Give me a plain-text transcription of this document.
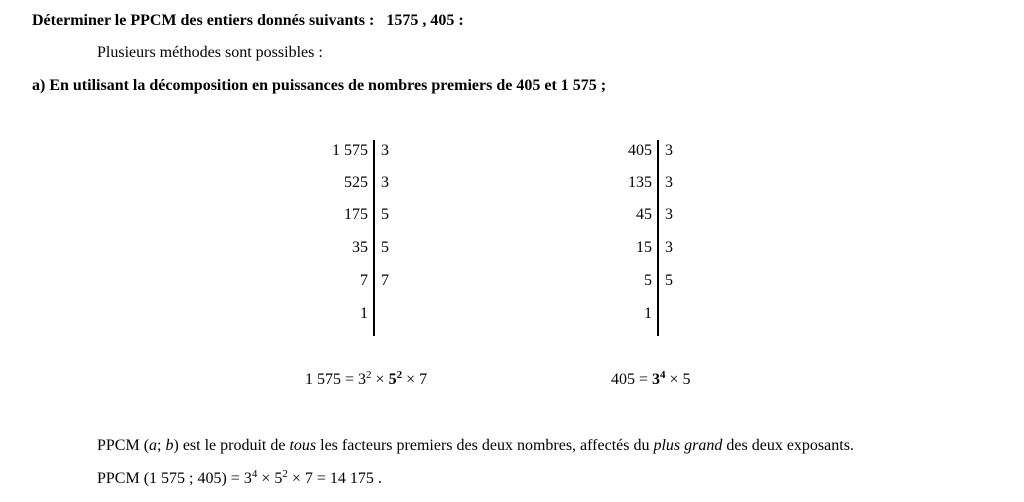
Déterminer le PPCM des entiers donnés suivants : 1575 , 405 :
Plusieurs méthodes sont possibles :
a) En utilisant la décomposition en puissances de nombres premiers de 405 et 1 575 ;
1 575 3
525 3
175 5
35 5
7 7
1
405 3
135 3
45 3
15 3
5 5
1
1 $575 = 3^2 \times 5^2 \times 7$	$405 = 3^4 \times 5$
PPCM (a; b) est le produit de tous les facteurs premiers des deux nombres, affectés du plus grand des deux exposants.
PPCM (1 575 ; $405) = 3^4 \times 5^2 \times 7 = 14$ 175 .
